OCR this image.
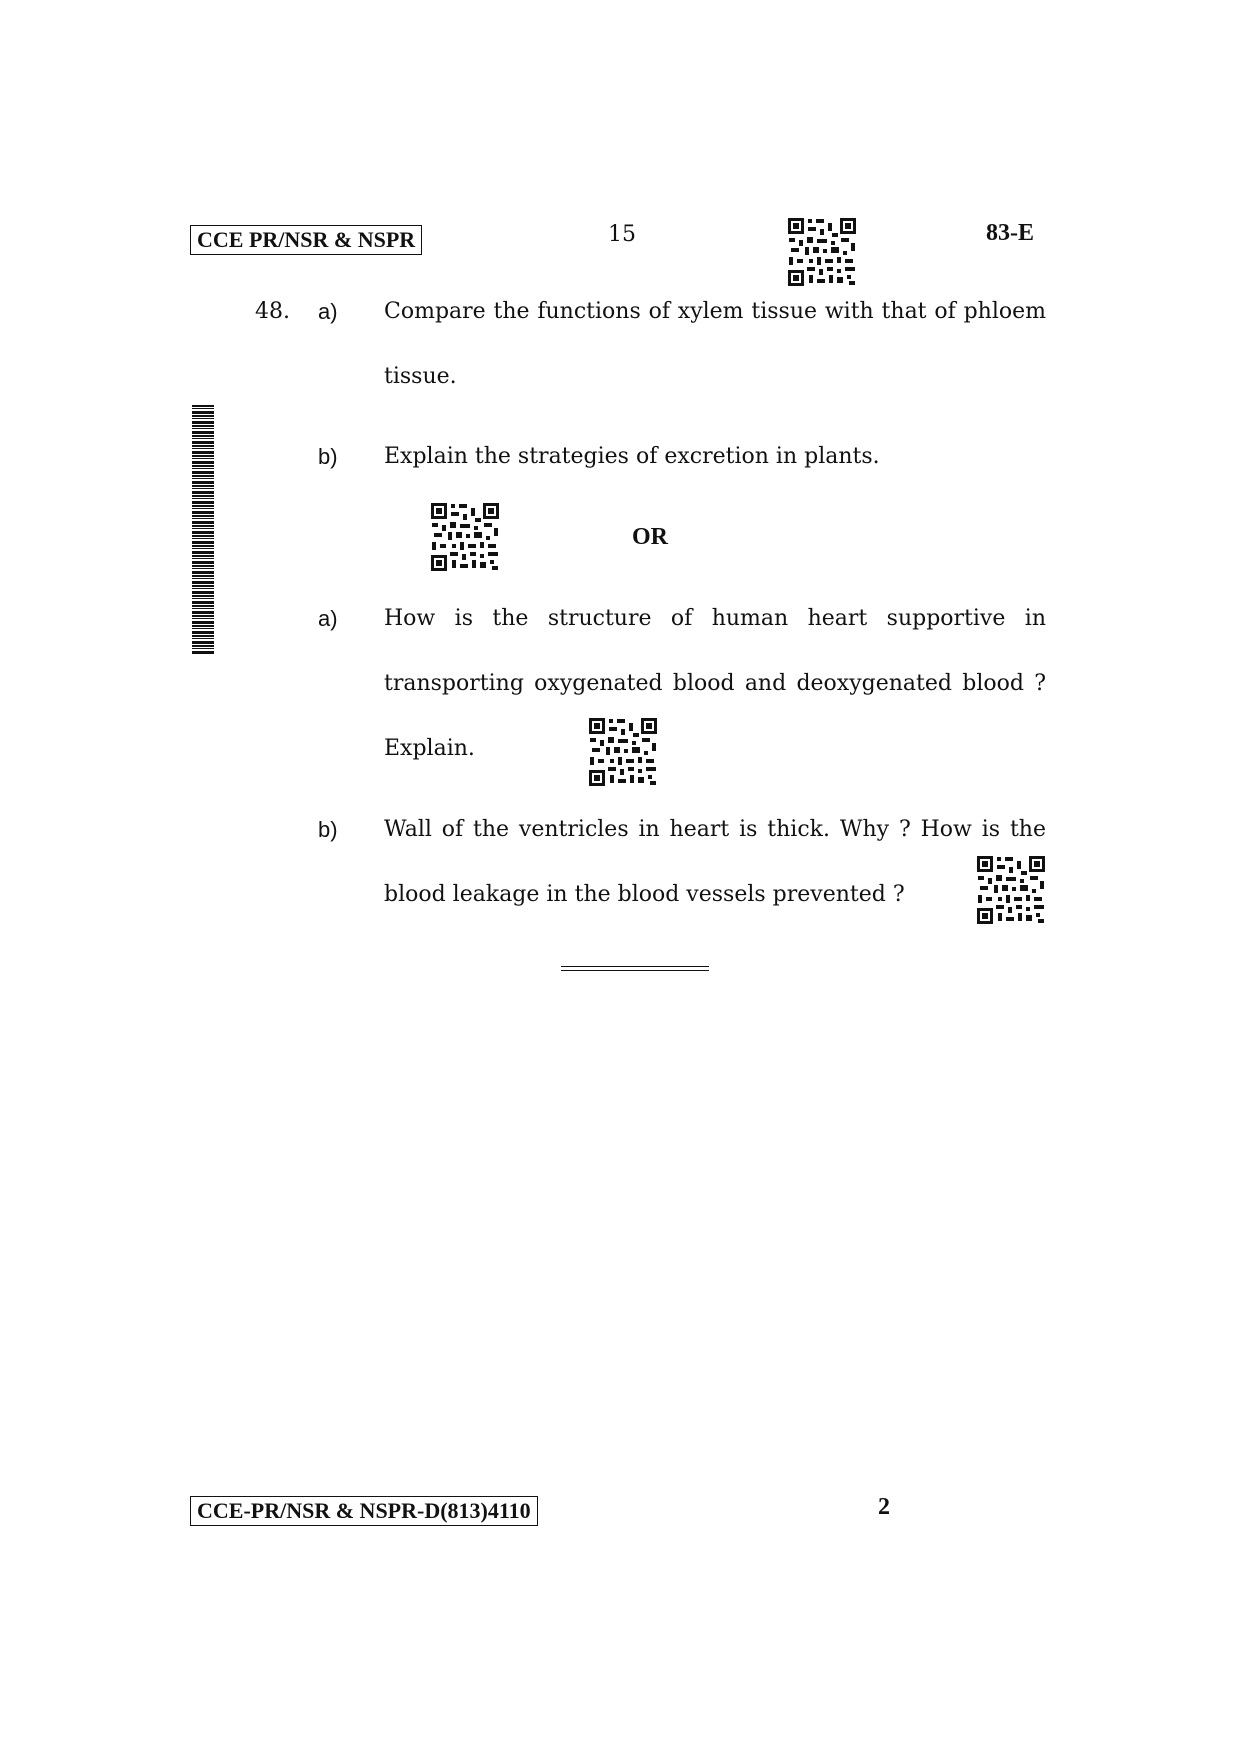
CCE PR/NSR & NSPR	15	83-E
48. a) Compare the functions of xylem tissue with that of phloem
tissue.
b) Explain the strategies of excretion in plants.
OR
a) How is the structure of human heart supportive in
transporting oxygenated blood and deoxygenated blood ?
Explain.
b) Wall of the ventricles in heart is thick. Why ? How is the
blood leakage in the blood vessels prevented ?
CCE-PR/NSR & NSPR-D(813)4110	2
